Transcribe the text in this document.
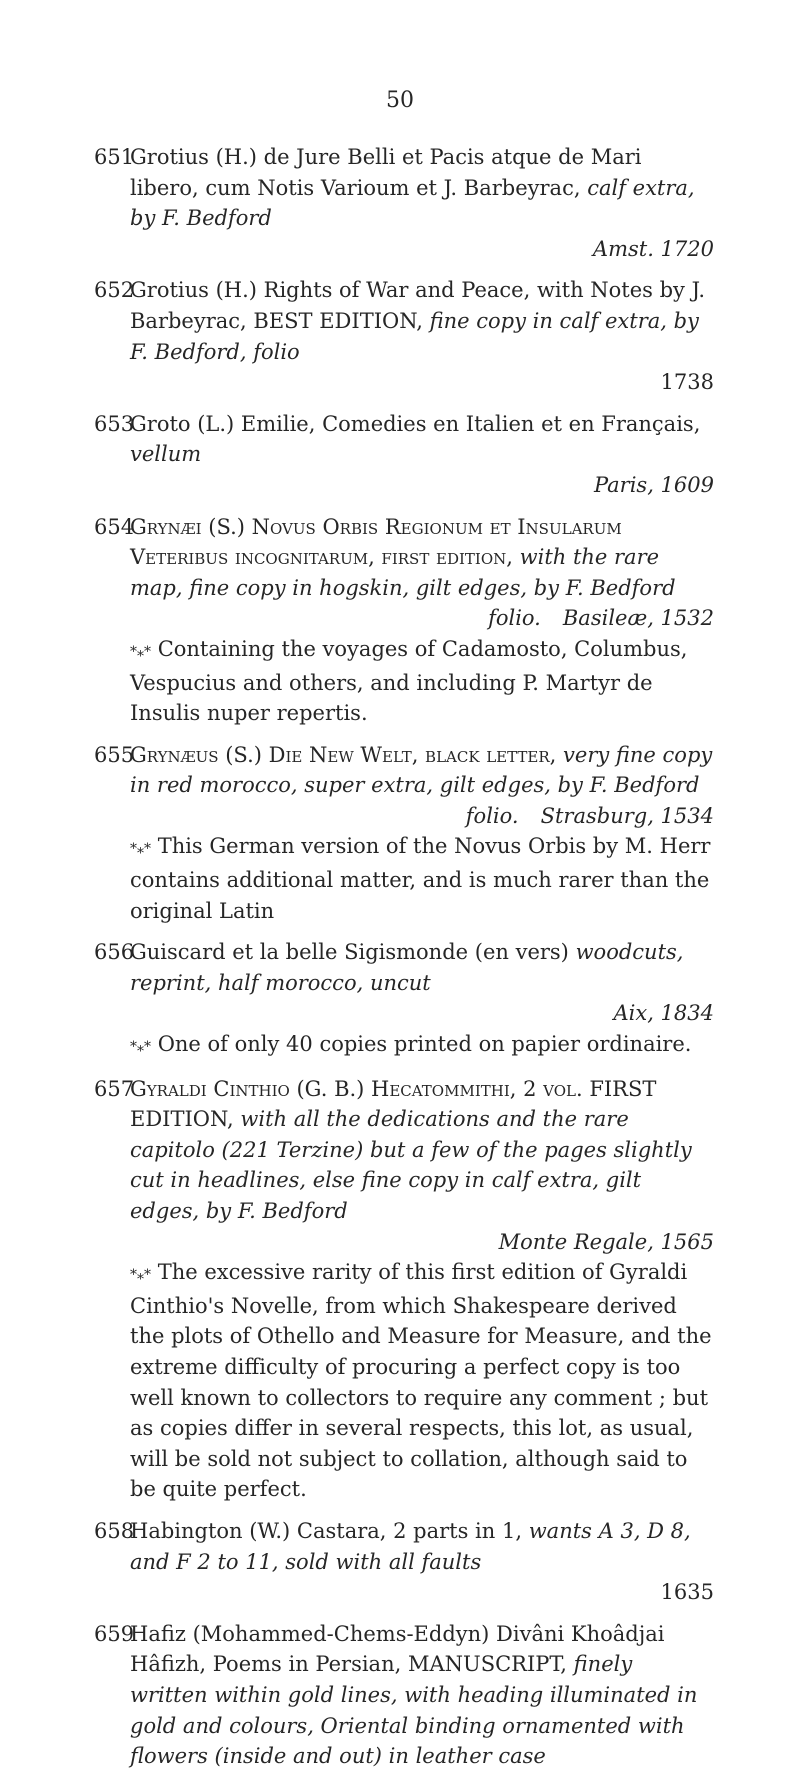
50
651Grotius (H.) de Jure Belli et Pacis atque de Mari libero, cum Notis Varioum et J. Barbeyrac, calf extra, by F. Bedford
Amst. 1720
652Grotius (H.) Rights of War and Peace, with Notes by J. Barbeyrac, BEST EDITION, fine copy in calf extra, by F. Bedford, folio
1738
653Groto (L.) Emilie, Comedies en Italien et en Français, vellum
Paris, 1609
654Grynæi (S.) Novus Orbis Regionum et Insularum Veteribus incognitarum, first edition, with the rare map, fine copy in hogskin, gilt edges, by F. Bedford
folio. Basileæ, 1532
*⁎* Containing the voyages of Cadamosto, Columbus, Vespucius and others, and including P. Martyr de Insulis nuper repertis.
655Grynæus (S.) Die New Welt, black letter, very fine copy in red morocco, super extra, gilt edges, by F. Bedford
folio. Strasburg, 1534
*⁎* This German version of the Novus Orbis by M. Herr contains additional matter, and is much rarer than the original Latin
656Guiscard et la belle Sigismonde (en vers) woodcuts, reprint, half morocco, uncut
Aix, 1834
*⁎* One of only 40 copies printed on papier ordinaire.
657Gyraldi Cinthio (G. B.) Hecatommithi, 2 vol. FIRST EDITION, with all the dedications and the rare capitolo (221 Terzine) but a few of the pages slightly cut in headlines, else fine copy in calf extra, gilt edges, by F. Bedford
Monte Regale, 1565
*⁎* The excessive rarity of this first edition of Gyraldi Cinthio's Novelle, from which Shakespeare derived the plots of Othello and Measure for Measure, and the extreme difficulty of procuring a perfect copy is too well known to collectors to require any comment ; but as copies differ in several respects, this lot, as usual, will be sold not subject to collation, although said to be quite perfect.
658Habington (W.) Castara, 2 parts in 1, wants A 3, D 8, and F 2 to 11, sold with all faults
1635
659Hafiz (Mohammed-Chems-Eddyn) Divâni Khoâdjai Hâfizh, Poems in Persian, MANUSCRIPT, finely written within gold lines, with heading illuminated in gold and colours, Oriental binding ornamented with flowers (inside and out) in leather case
